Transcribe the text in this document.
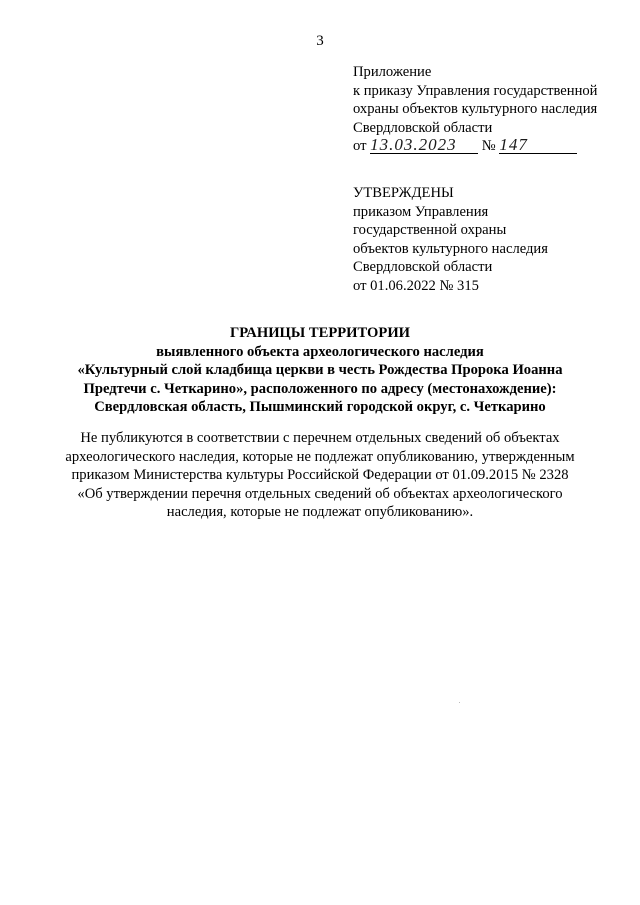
3
Приложение
к приказу Управления государственной
охраны объектов культурного наследия
Свердловской области
от 13.03.2023 № 147
УТВЕРЖДЕНЫ
приказом Управления
государственной охраны
объектов культурного наследия
Свердловской области
от 01.06.2022 № 315
ГРАНИЦЫ ТЕРРИТОРИИ
выявленного объекта археологического наследия
«Культурный слой кладбища церкви в честь Рождества Пророка Иоанна
Предтечи с. Четкарино», расположенного по адресу (местонахождение):
Свердловская область, Пышминский городской округ, с. Четкарино
Не публикуются в соответствии с перечнем отдельных сведений об объектах
археологического наследия, которые не подлежат опубликованию, утвержденным
приказом Министерства культуры Российской Федерации от 01.09.2015 № 2328
«Об утверждении перечня отдельных сведений об объектах археологического
наследия, которые не подлежат опубликованию».
